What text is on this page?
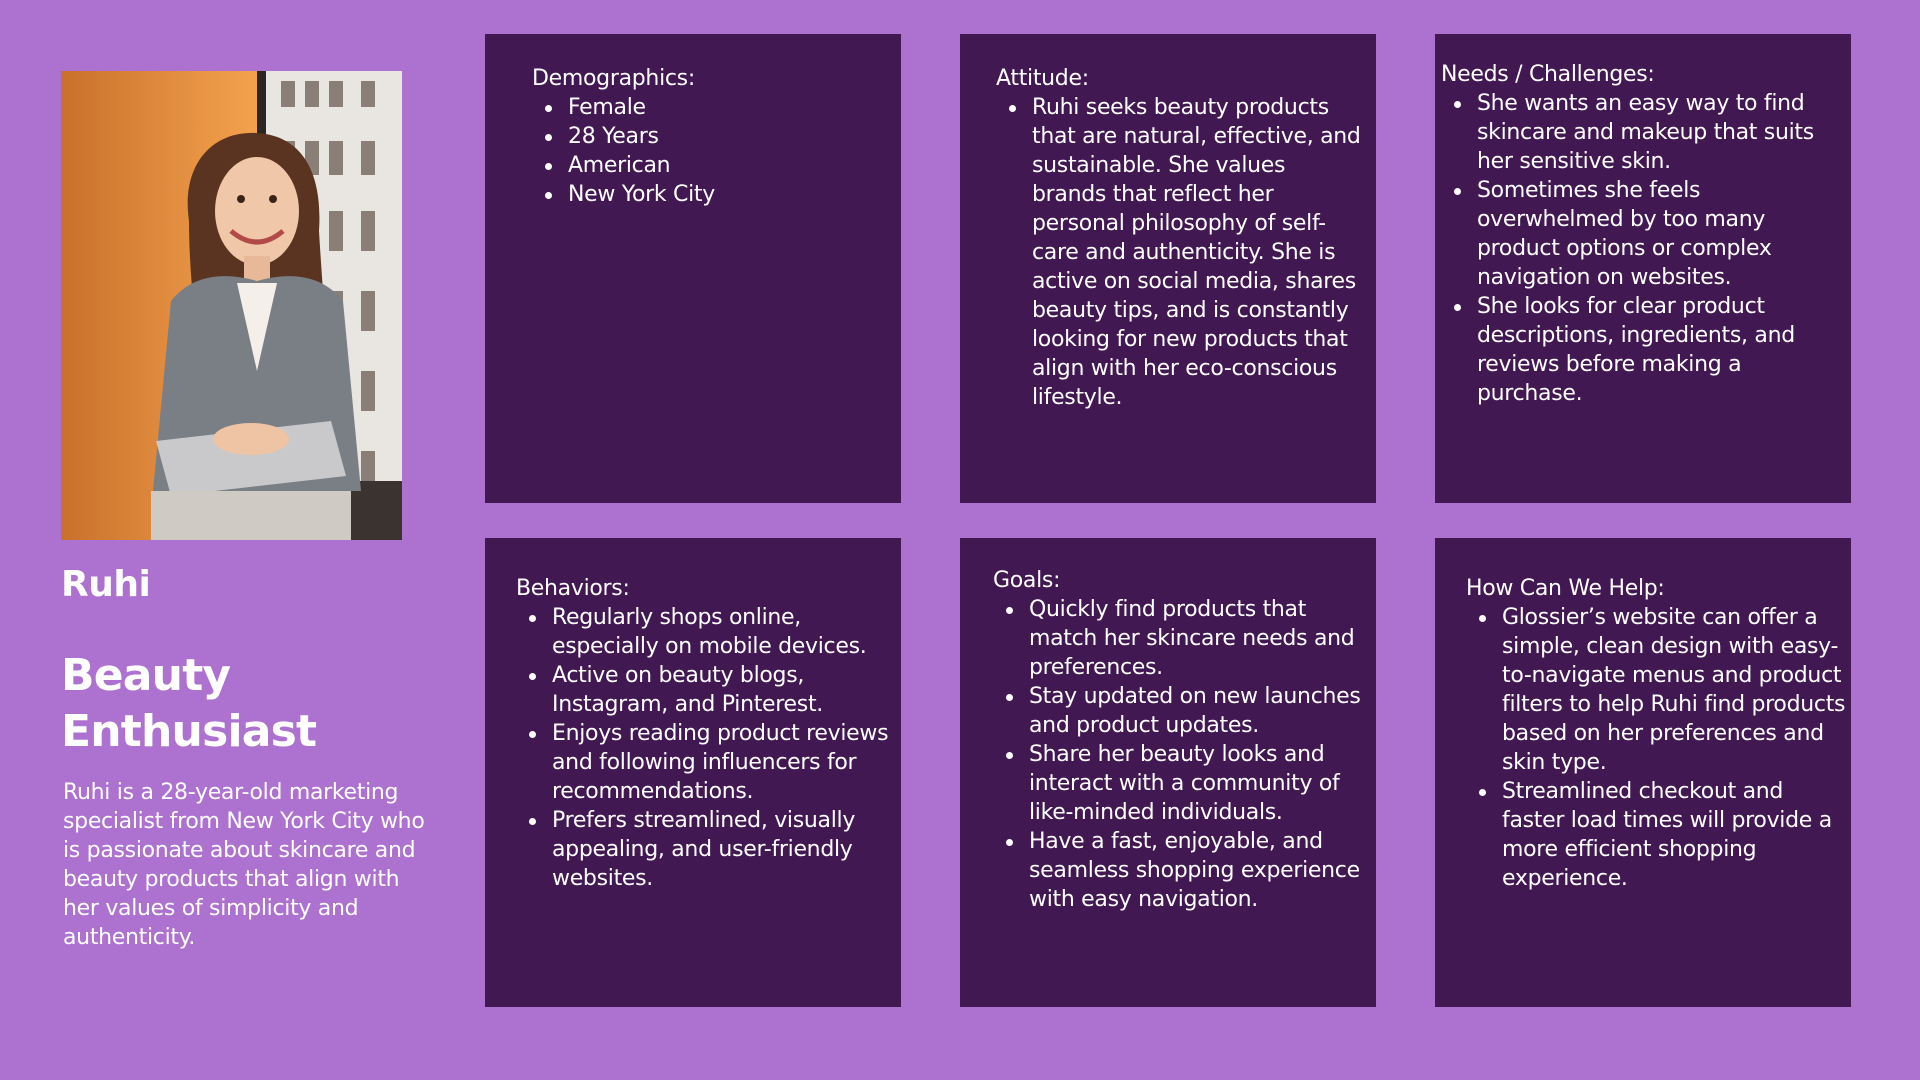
Ruhi
Beauty Enthusiast

Ruhi is a 28-year-old marketing specialist from New York City who is passionate about skincare and beauty products that align with her values of simplicity and authenticity.

Demographics:
Female
28 Years
American
New York City
Attitude:
Ruhi seeks beauty products that are natural, effective, and sustainable. She values brands that reflect her personal philosophy of self-care and authenticity. She is active on social media, shares beauty tips, and is constantly looking for new products that align with her eco-conscious lifestyle.
Needs / Challenges:
She wants an easy way to find skincare and makeup that suits her sensitive skin.
Sometimes she feels overwhelmed by too many product options or complex navigation on websites.
She looks for clear product descriptions, ingredients, and reviews before making a purchase.
Behaviors:
Regularly shops online, especially on mobile devices.
Active on beauty blogs, Instagram, and Pinterest.
Enjoys reading product reviews and following influencers for recommendations.
Prefers streamlined, visually appealing, and user-friendly websites.
Goals:
Quickly find products that match her skincare needs and preferences.
Stay updated on new launches and product updates.
Share her beauty looks and interact with a community of like-minded individuals.
Have a fast, enjoyable, and seamless shopping experience with easy navigation.
How Can We Help:
Glossier’s website can offer a simple, clean design with easy-to-navigate menus and product filters to help Ruhi find products based on her preferences and skin type.
Streamlined checkout and faster load times will provide a more efficient shopping experience.
